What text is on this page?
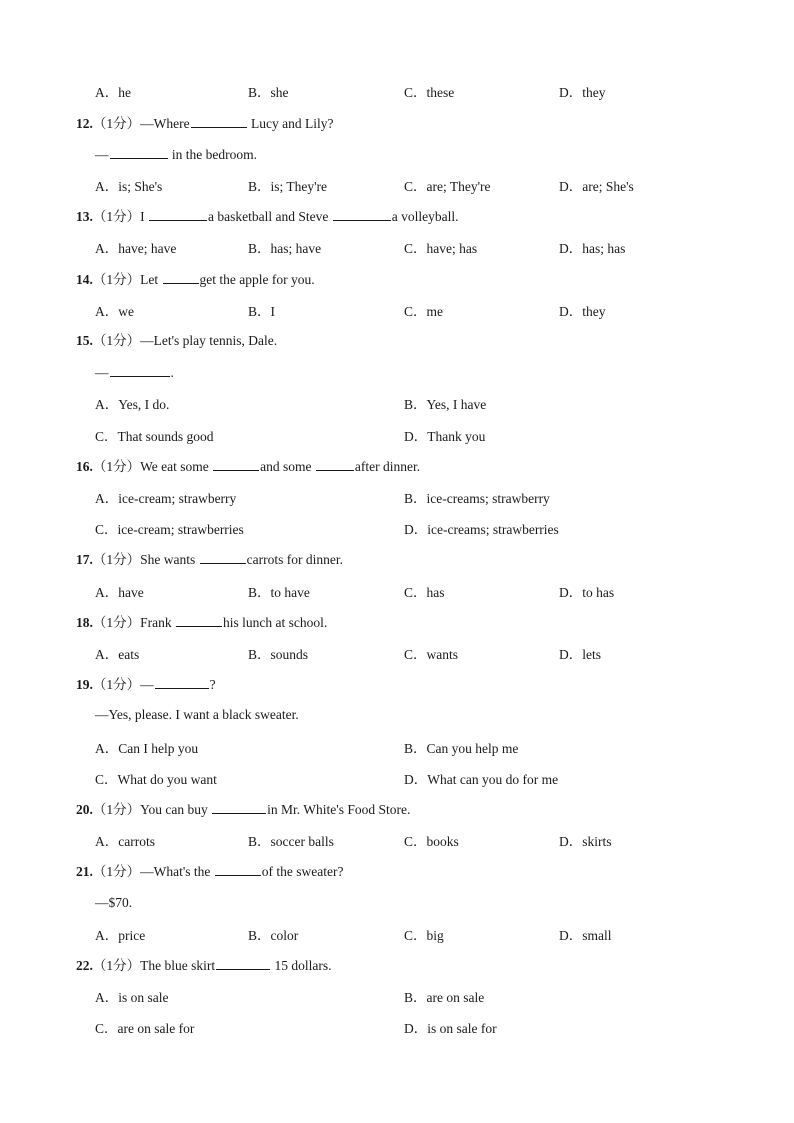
A．he	B．she	C．these	D．they
12.（1分）—Where	Lucy and Lily?
—	in the bedroom.
A．is; She's	B．is; They're	C．are; They're	D．are; She's
13.（1分）I	a basketball and Steve	a volleyball.
A．have; have	B．has; have	C．have; has	D．has; has
14.（1分）Let	get the apple for you.
A．we	B．I	C．me	D．they
15.（1分）—Let's play tennis, Dale.
—	.
A．Yes, I do.	B．Yes, I have
C．That sounds good	D．Thank you
16.（1分）We eat some	and some	after dinner.
A．ice-cream; strawberry	B．ice-creams; strawberry
C．ice-cream; strawberries	D．ice-creams; strawberries
17.（1分）She wants	carrots for dinner.
A．have	B．to have	C．has	D．to has
18.（1分）Frank	his lunch at school.
A．eats	B．sounds	C．wants	D．lets
19.（1分）—	?
—Yes, please. I want a black sweater.
A．Can I help you	B．Can you help me
C．What do you want	D．What can you do for me
20.（1分）You can buy	in Mr. White's Food Store.
A．carrots	B．soccer balls	C．books	D．skirts
21.（1分）—What's the	of the sweater?
—$70.
A．price	B．color	C．big	D．small
22.（1分）The blue skirt	15 dollars.
A．is on sale	B．are on sale
C．are on sale for	D．is on sale for
